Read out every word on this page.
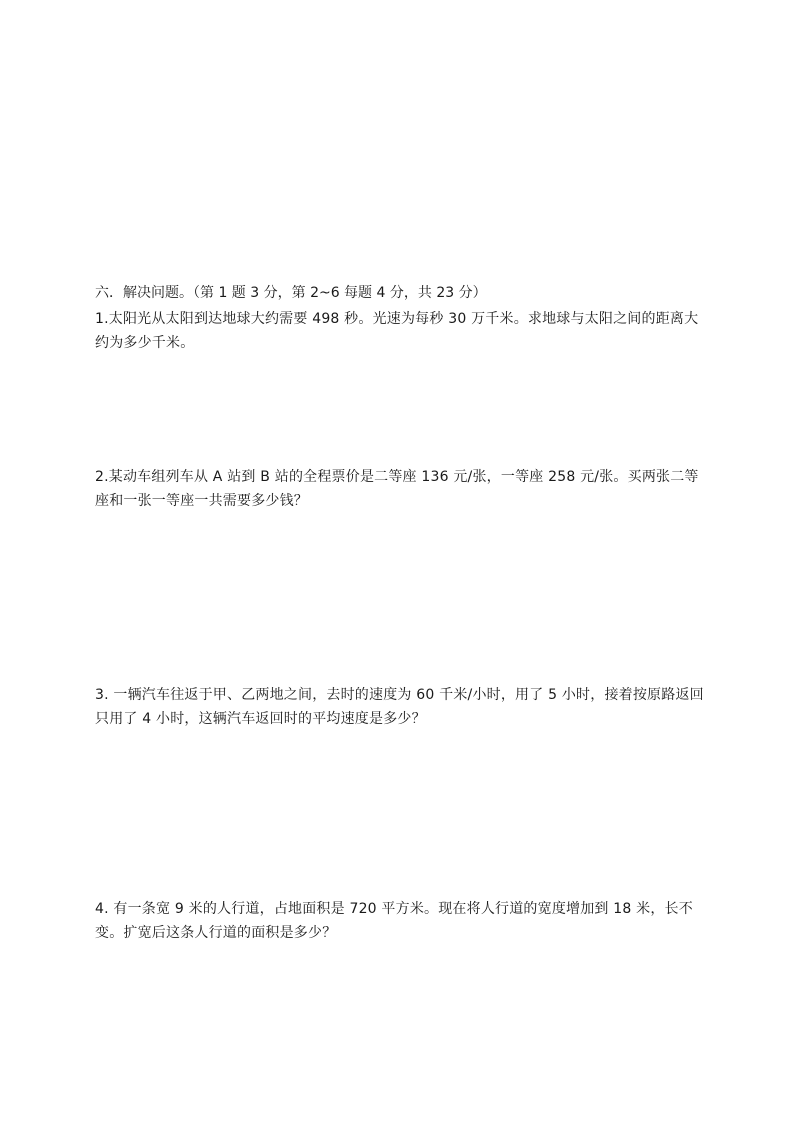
六．解决问题。（第 1 题 3 分，第 2~6 每题 4 分，共 23 分）
1.太阳光从太阳到达地球大约需要 498 秒。光速为每秒 30 万千米。求地球与太阳之间的距离大约为多少千米。
2.某动车组列车从 A 站到 B 站的全程票价是二等座 136 元/张，一等座 258 元/张。买两张二等座和一张一等座一共需要多少钱？
3. 一辆汽车往返于甲、乙两地之间，去时的速度为 60 千米/小时，用了 5 小时，接着按原路返回只用了 4 小时，这辆汽车返回时的平均速度是多少？
4. 有一条宽 9 米的人行道，占地面积是 720 平方米。现在将人行道的宽度增加到 18 米，长不变。扩宽后这条人行道的面积是多少？
